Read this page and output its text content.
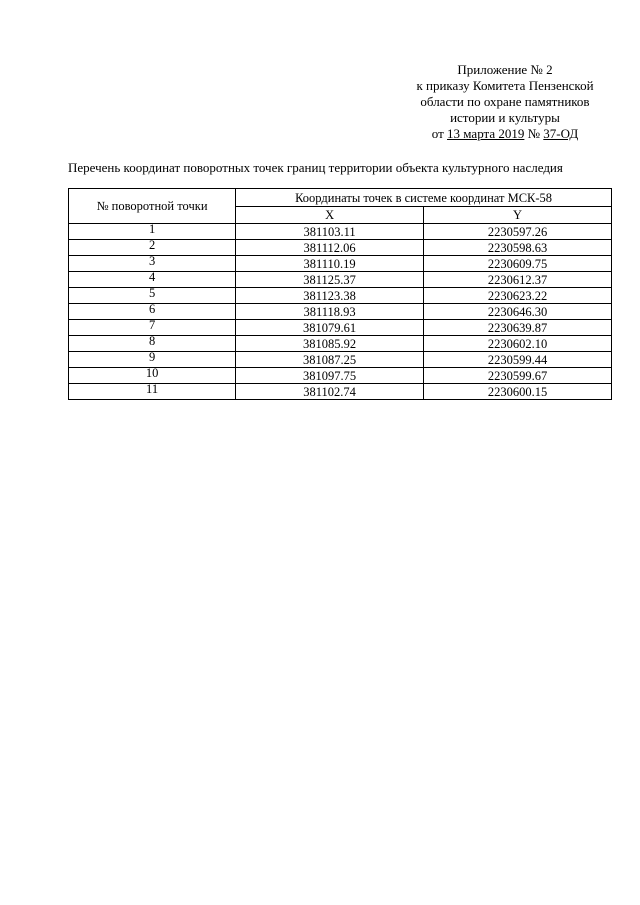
Приложение № 2
к приказу Комитета Пензенской
области по охране памятников
истории и культуры
от 13 марта 2019 № 37-ОД
Перечень координат поворотных точек границ территории объекта культурного наследия
№ поворотной точки	Координаты точек в системе координат МСК-58	
	X	Y
1	381103.11	2230597.26
2	381112.06	2230598.63
3	381110.19	2230609.75
4	381125.37	2230612.37
5	381123.38	2230623.22
6	381118.93	2230646.30
7	381079.61	2230639.87
8	381085.92	2230602.10
9	381087.25	2230599.44
10	381097.75	2230599.67
11	381102.74	2230600.15
